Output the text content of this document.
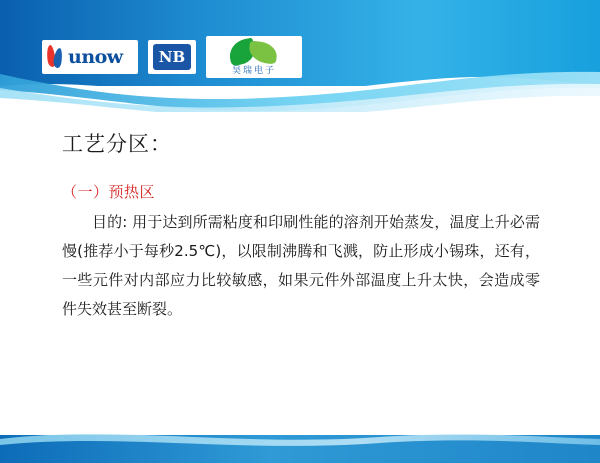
unow	NB
昊瑞电子
工艺分区：
（一）预热区
目的: 用于达到所需粘度和印刷性能的溶剂开始蒸发，温度上升必需慢(推荐小于每秒2.5℃)，以限制沸腾和飞溅，防止形成小锡珠，还有，一些元件对内部应力比较敏感，如果元件外部温度上升太快，会造成零件失效甚至断裂。
